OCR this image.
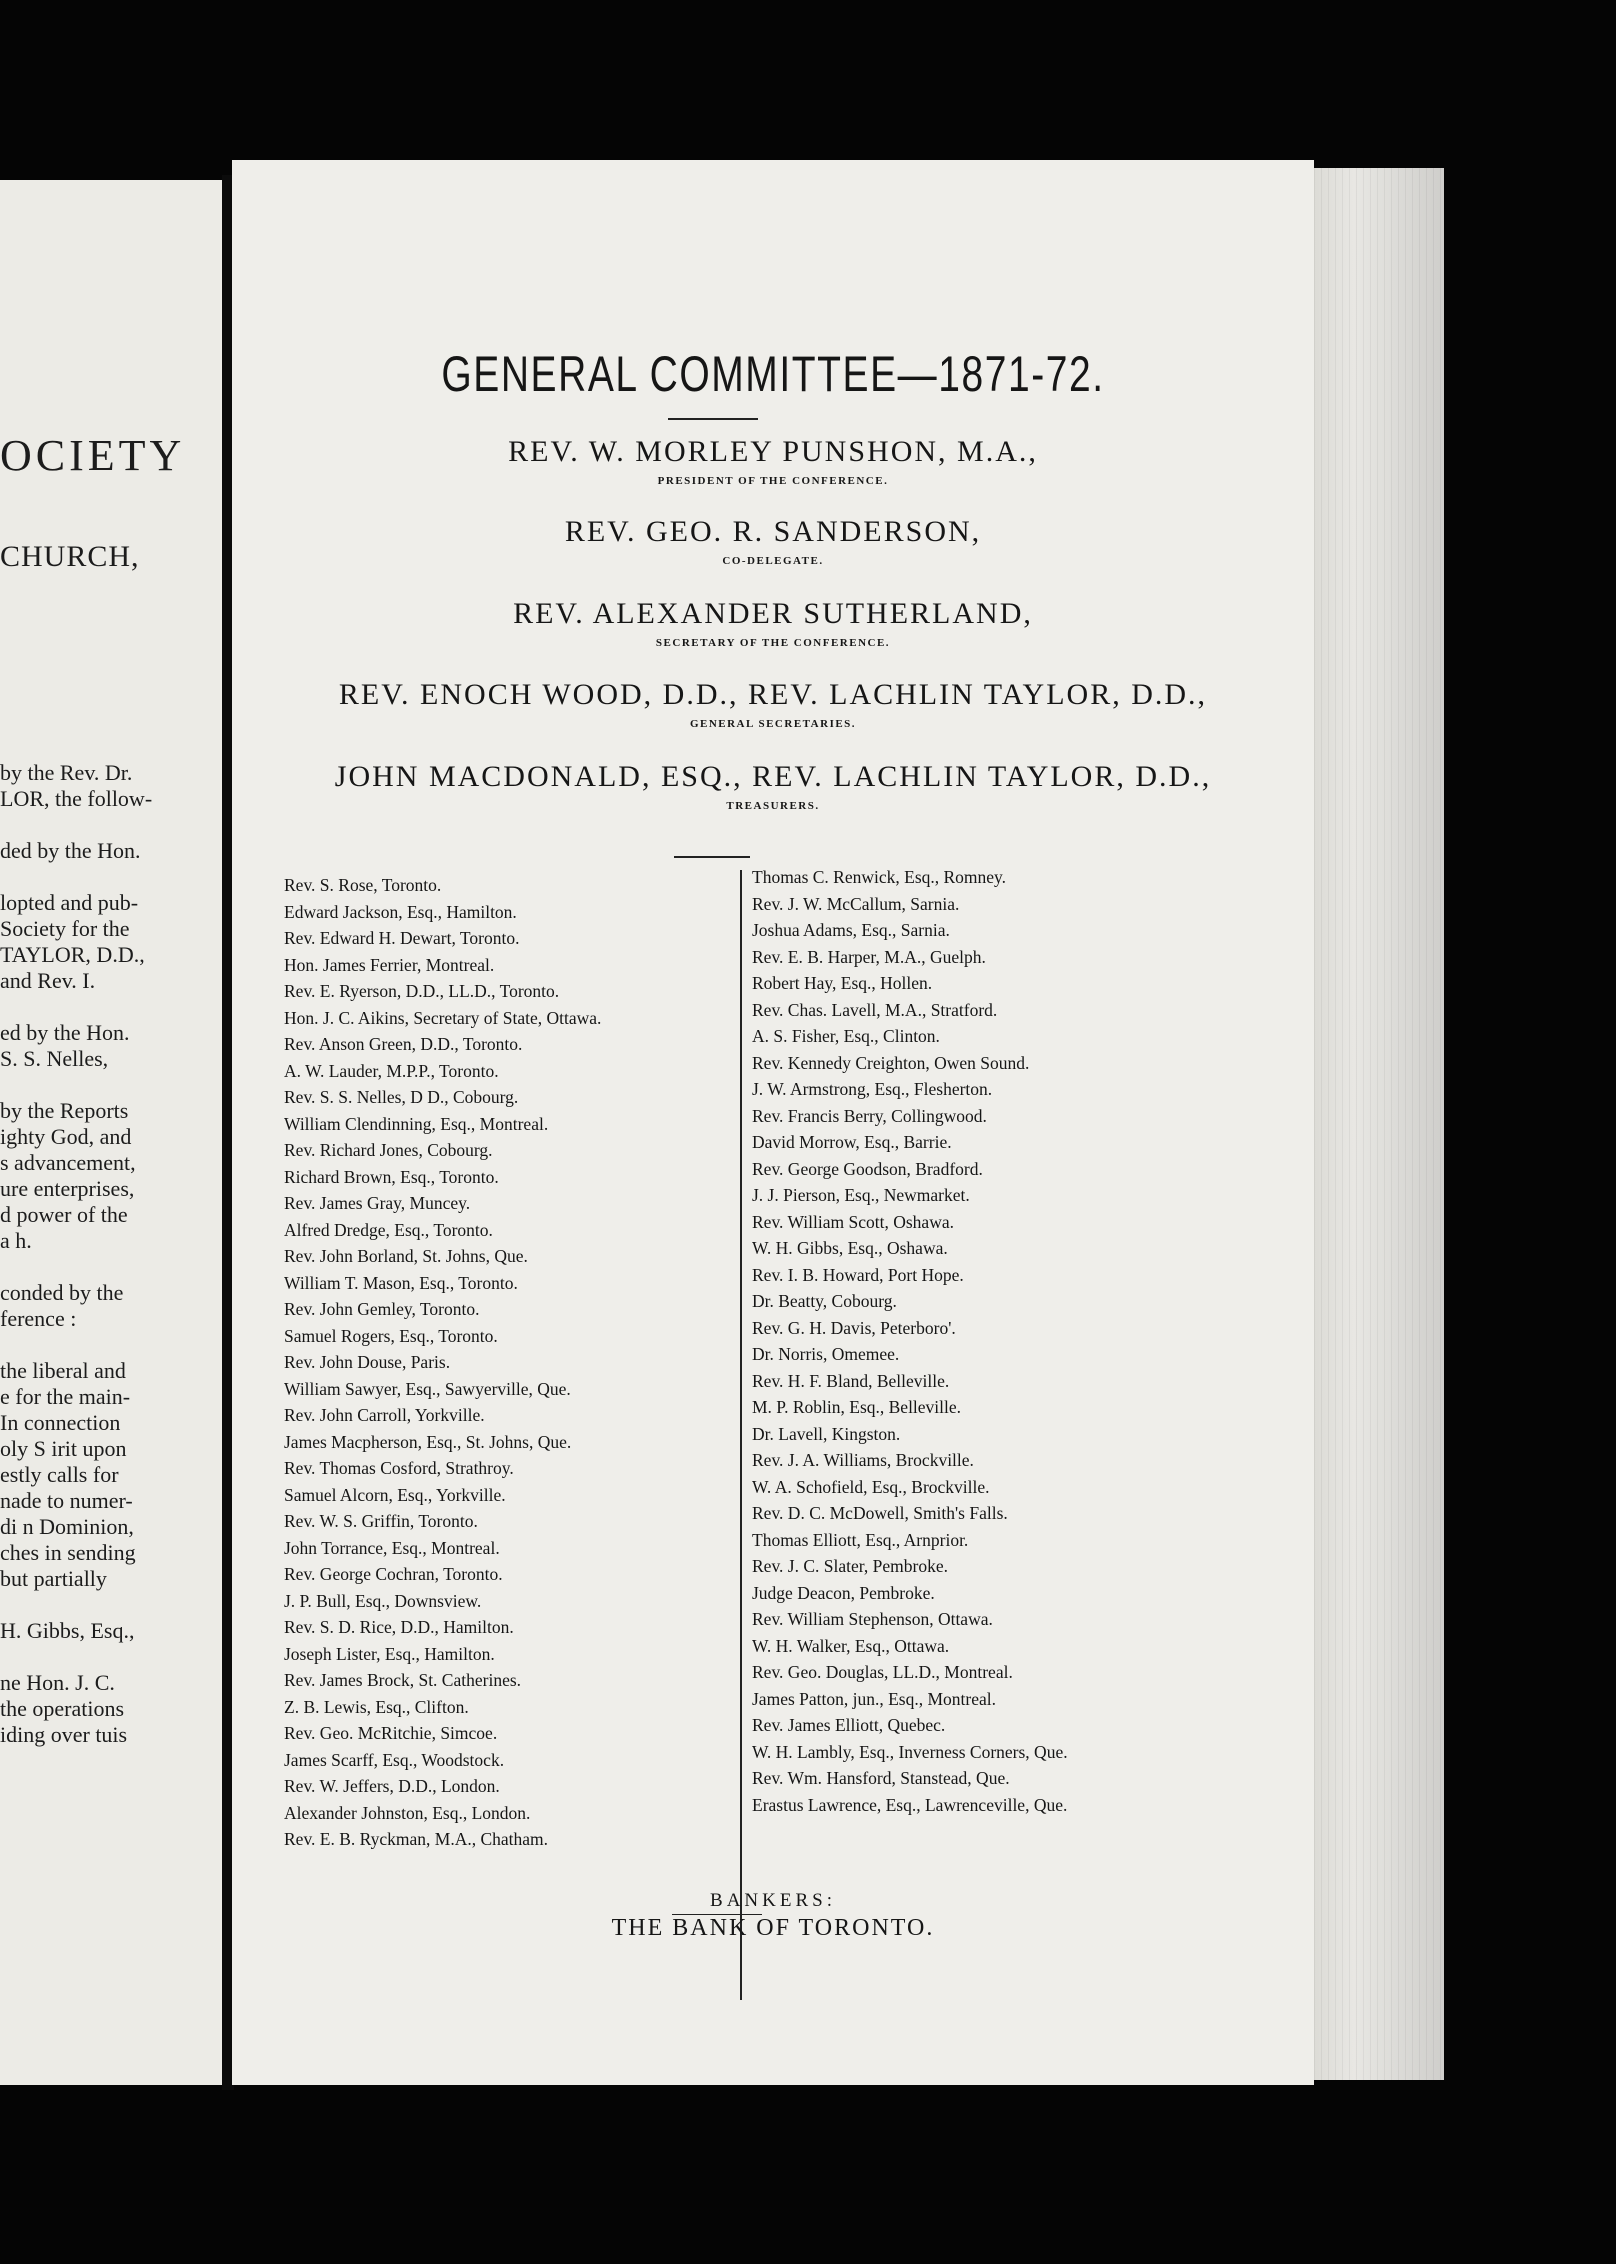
OCIETY
CHURCH,
by the Rev. Dr.
LOR, the follow-
ded by the Hon.
lopted and pub-
Society for the
TAYLOR, D.D.,
and Rev. I.
ed by the Hon.
S. S. Nelles,
by the Reports
ighty God, and
s advancement,
ure enterprises,
d power of the
a h.
conded by the
ference :
the liberal and
e for the main-
In connection
oly S irit upon
estly calls for
nade to numer-
di n Dominion,
ches in sending
but partially
H. Gibbs, Esq.,
ne Hon. J. C.
the operations
iding over tuis
GENERAL COMMITTEE—1871-72.
REV. W. MORLEY PUNSHON, M.A.,
PRESIDENT OF THE CONFERENCE.
REV. GEO. R. SANDERSON,
CO-DELEGATE.
REV. ALEXANDER SUTHERLAND,
SECRETARY OF THE CONFERENCE.
REV. ENOCH WOOD, D.D., REV. LACHLIN TAYLOR, D.D.,
GENERAL SECRETARIES.
JOHN MACDONALD, ESQ., REV. LACHLIN TAYLOR, D.D.,
TREASURERS.
Rev. S. Rose, Toronto.
Edward Jackson, Esq., Hamilton.
Rev. Edward H. Dewart, Toronto.
Hon. James Ferrier, Montreal.
Rev. E. Ryerson, D.D., LL.D., Toronto.
Hon. J. C. Aikins, Secretary of State, Ottawa.
Rev. Anson Green, D.D., Toronto.
A. W. Lauder, M.P.P., Toronto.
Rev. S. S. Nelles, D D., Cobourg.
William Clendinning, Esq., Montreal.
Rev. Richard Jones, Cobourg.
Richard Brown, Esq., Toronto.
Rev. James Gray, Muncey.
Alfred Dredge, Esq., Toronto.
Rev. John Borland, St. Johns, Que.
William T. Mason, Esq., Toronto.
Rev. John Gemley, Toronto.
Samuel Rogers, Esq., Toronto.
Rev. John Douse, Paris.
William Sawyer, Esq., Sawyerville, Que.
Rev. John Carroll, Yorkville.
James Macpherson, Esq., St. Johns, Que.
Rev. Thomas Cosford, Strathroy.
Samuel Alcorn, Esq., Yorkville.
Rev. W. S. Griffin, Toronto.
John Torrance, Esq., Montreal.
Rev. George Cochran, Toronto.
J. P. Bull, Esq., Downsview.
Rev. S. D. Rice, D.D., Hamilton.
Joseph Lister, Esq., Hamilton.
Rev. James Brock, St. Catherines.
Z. B. Lewis, Esq., Clifton.
Rev. Geo. McRitchie, Simcoe.
James Scarff, Esq., Woodstock.
Rev. W. Jeffers, D.D., London.
Alexander Johnston, Esq., London.
Rev. E. B. Ryckman, M.A., Chatham.
Thomas C. Renwick, Esq., Romney.
Rev. J. W. McCallum, Sarnia.
Joshua Adams, Esq., Sarnia.
Rev. E. B. Harper, M.A., Guelph.
Robert Hay, Esq., Hollen.
Rev. Chas. Lavell, M.A., Stratford.
A. S. Fisher, Esq., Clinton.
Rev. Kennedy Creighton, Owen Sound.
J. W. Armstrong, Esq., Flesherton.
Rev. Francis Berry, Collingwood.
David Morrow, Esq., Barrie.
Rev. George Goodson, Bradford.
J. J. Pierson, Esq., Newmarket.
Rev. William Scott, Oshawa.
W. H. Gibbs, Esq., Oshawa.
Rev. I. B. Howard, Port Hope.
Dr. Beatty, Cobourg.
Rev. G. H. Davis, Peterboro'.
Dr. Norris, Omemee.
Rev. H. F. Bland, Belleville.
M. P. Roblin, Esq., Belleville.
Dr. Lavell, Kingston.
Rev. J. A. Williams, Brockville.
W. A. Schofield, Esq., Brockville.
Rev. D. C. McDowell, Smith's Falls.
Thomas Elliott, Esq., Arnprior.
Rev. J. C. Slater, Pembroke.
Judge Deacon, Pembroke.
Rev. William Stephenson, Ottawa.
W. H. Walker, Esq., Ottawa.
Rev. Geo. Douglas, LL.D., Montreal.
James Patton, jun., Esq., Montreal.
Rev. James Elliott, Quebec.
W. H. Lambly, Esq., Inverness Corners, Que.
Rev. Wm. Hansford, Stanstead, Que.
Erastus Lawrence, Esq., Lawrenceville, Que.
BANKERS:
THE BANK OF TORONTO.
